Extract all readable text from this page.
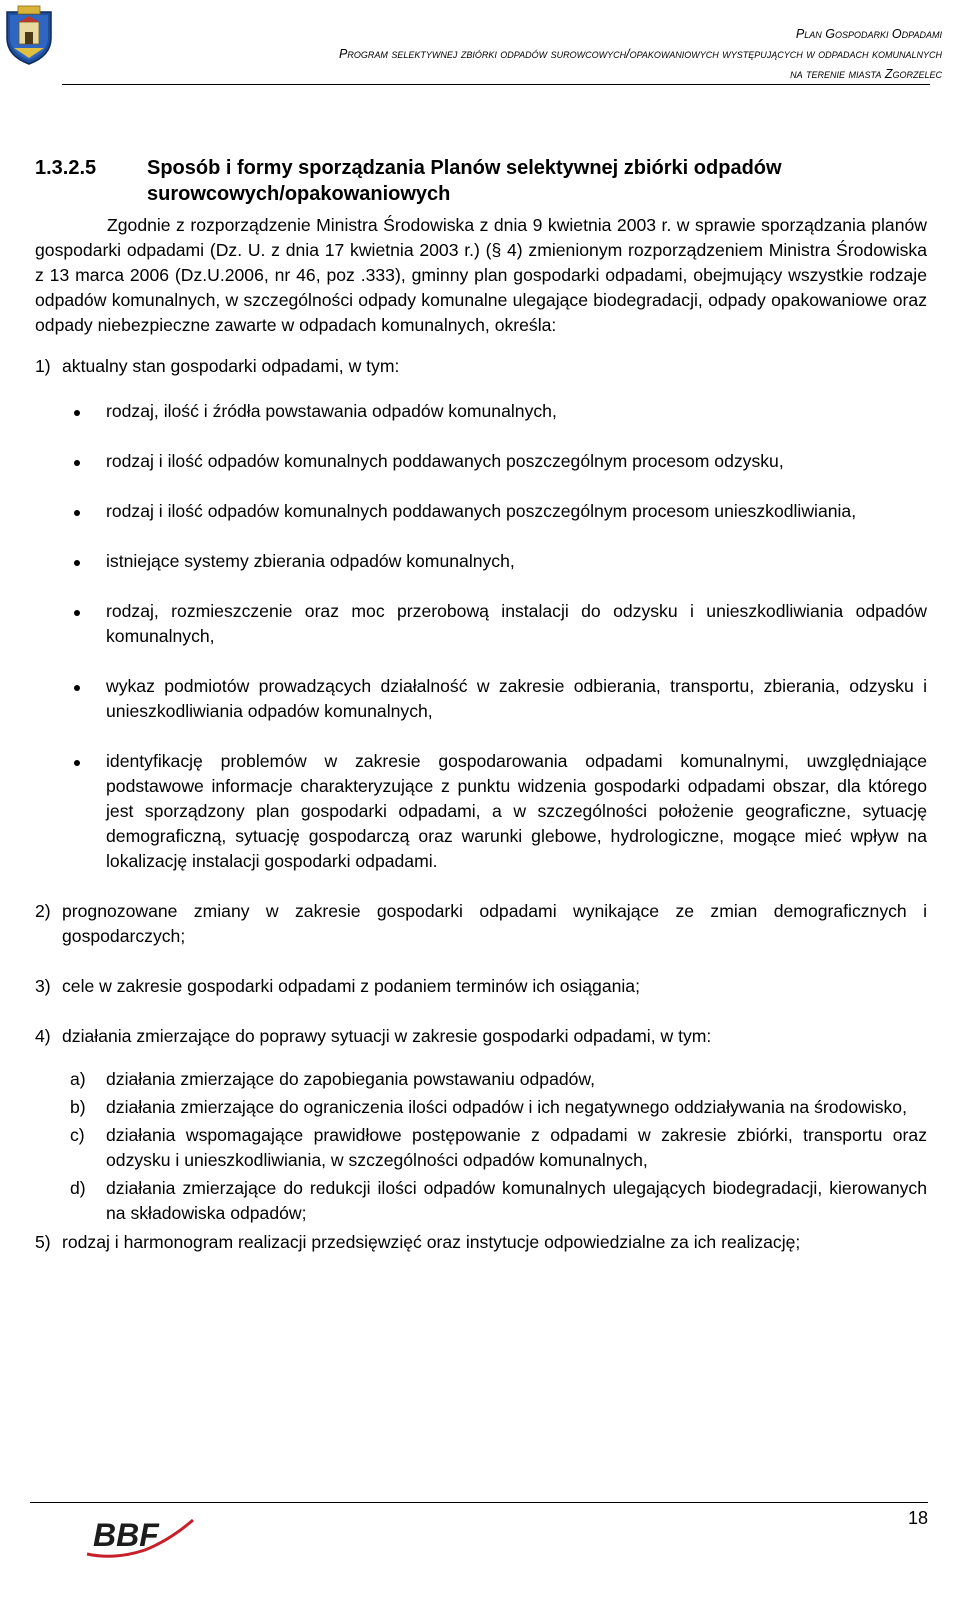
Plan Gospodarki Odpadami
Program selektywnej zbiórki odpadów surowcowych/opakowaniowych występujących w odpadach komunalnych
na terenie miasta Zgorzelec
1.3.2.5	Sposób i formy sporządzania Planów selektywnej zbiórki odpadów surowcowych/opakowaniowych

Zgodnie z rozporządzenie Ministra Środowiska z dnia 9 kwietnia 2003 r. w sprawie sporządzania planów gospodarki odpadami (Dz. U. z dnia 17 kwietnia 2003 r.) (§ 4) zmienionym rozporządzeniem Ministra Środowiska z 13 marca 2006 (Dz.U.2006, nr 46, poz .333), gminny plan gospodarki odpadami, obejmujący wszystkie rodzaje odpadów komunalnych, w szczególności odpady komunalne ulegające biodegradacji, odpady opakowaniowe oraz odpady niebezpieczne zawarte w odpadach komunalnych, określa:

1) aktualny stan gospodarki odpadami, w tym:
rodzaj, ilość i źródła powstawania odpadów komunalnych,
rodzaj i ilość odpadów komunalnych poddawanych poszczególnym procesom odzysku,
rodzaj i ilość odpadów komunalnych poddawanych poszczególnym procesom unieszkodliwiania,
istniejące systemy zbierania odpadów komunalnych,
rodzaj, rozmieszczenie oraz moc przerobową instalacji do odzysku i unieszkodliwiania odpadów komunalnych,
wykaz podmiotów prowadzących działalność w zakresie odbierania, transportu, zbierania, odzysku i unieszkodliwiania odpadów komunalnych,
identyfikację problemów w zakresie gospodarowania odpadami komunalnymi, uwzględniające podstawowe informacje charakteryzujące z punktu widzenia gospodarki odpadami obszar, dla którego jest sporządzony plan gospodarki odpadami, a w szczególności położenie geograficzne, sytuację demograficzną, sytuację gospodarczą oraz warunki glebowe, hydrologiczne, mogące mieć wpływ na lokalizację instalacji gospodarki odpadami.
2) prognozowane zmiany w zakresie gospodarki odpadami wynikające ze zmian demograficznych i gospodarczych;
3) cele w zakresie gospodarki odpadami z podaniem terminów ich osiągania;
4) działania zmierzające do poprawy sytuacji w zakresie gospodarki odpadami, w tym:
a)	działania zmierzające do zapobiegania powstawaniu odpadów,
b)	działania zmierzające do ograniczenia ilości odpadów i ich negatywnego oddziaływania na środowisko,
c)	działania wspomagające prawidłowe postępowanie z odpadami w zakresie zbiórki, transportu oraz odzysku i unieszkodliwiania, w szczególności odpadów komunalnych,
d)	działania zmierzające do redukcji ilości odpadów komunalnych ulegających biodegradacji, kierowanych na składowiska odpadów;
5) rodzaj i harmonogram realizacji przedsięwzięć oraz instytucje odpowiedzialne za ich realizację;
BBF	18
